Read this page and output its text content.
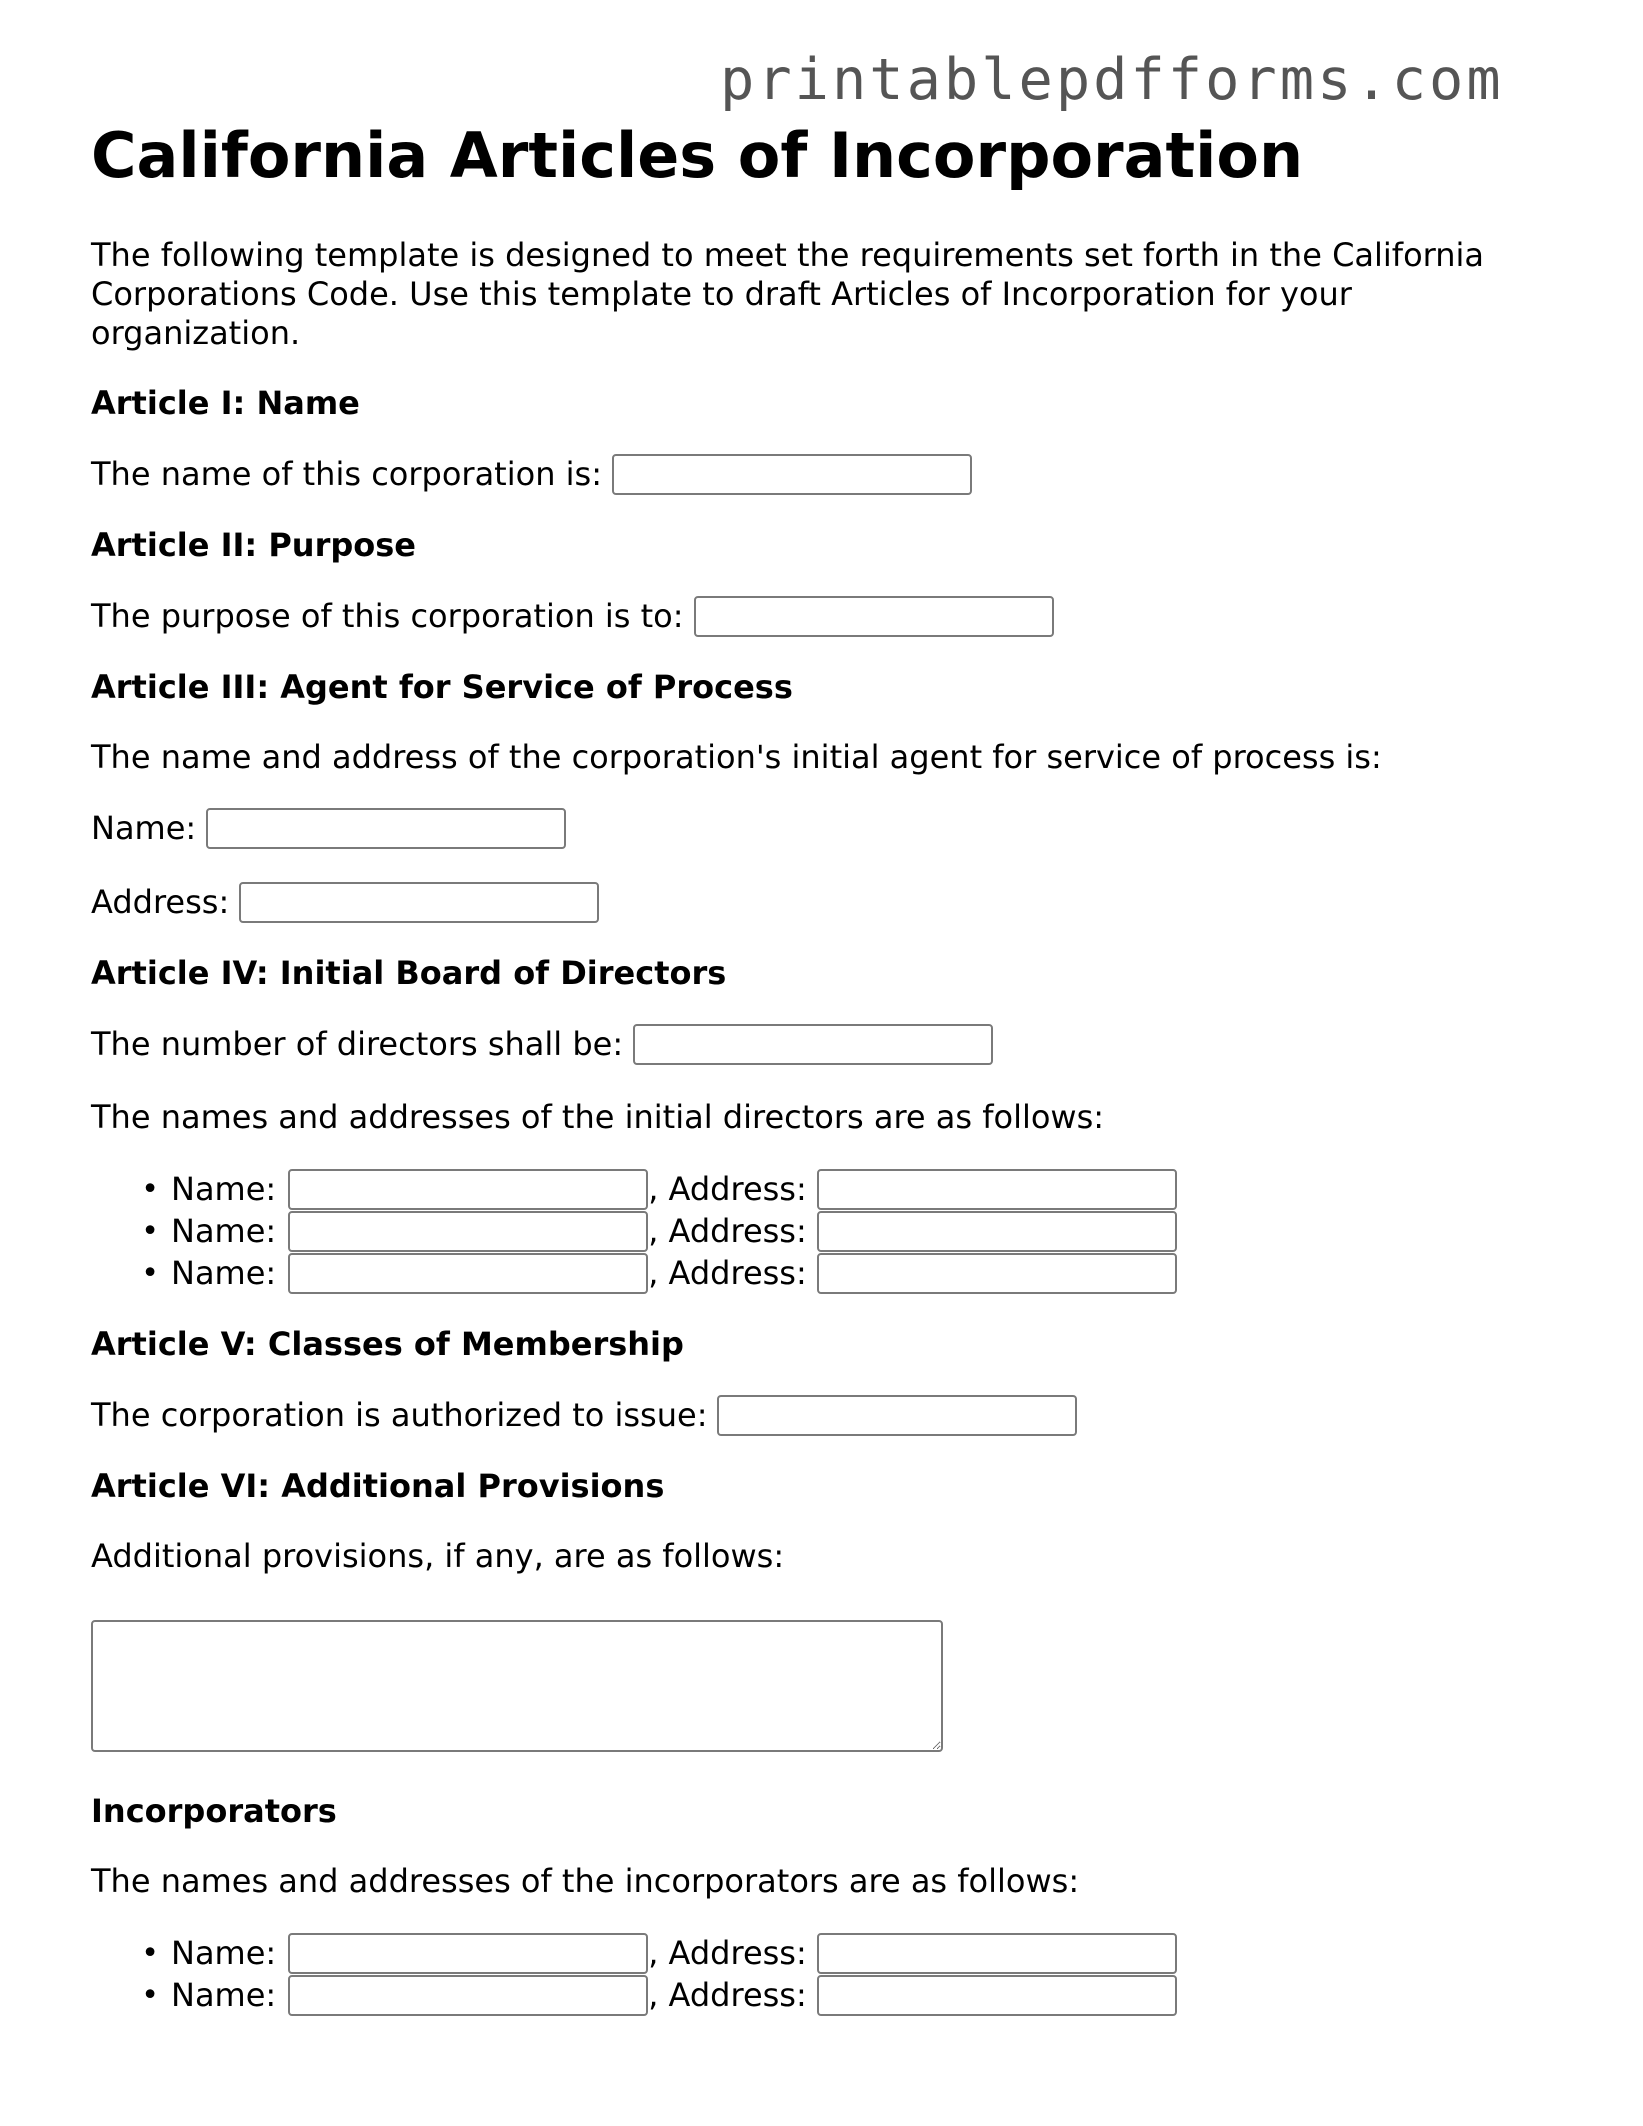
printablepdfforms.com
California Articles of Incorporation

The following template is designed to meet the requirements set forth in the California Corporations Code. Use this template to draft Articles of Incorporation for your organization.

Article I: Name
The name of this corporation is:
Article II: Purpose
The purpose of this corporation is to:
Article III: Agent for Service of Process

The name and address of the corporation's initial agent for service of process is:

Name:
Address:
Article IV: Initial Board of Directors
The number of directors shall be:

The names and addresses of the initial directors are as follows:

• Name:	, Address:
• Name:	, Address:
• Name:	, Address:
Article V: Classes of Membership
The corporation is authorized to issue:
Article VI: Additional Provisions

Additional provisions, if any, are as follows:

Incorporators

The names and addresses of the incorporators are as follows:

• Name:	, Address:
• Name:	, Address:
